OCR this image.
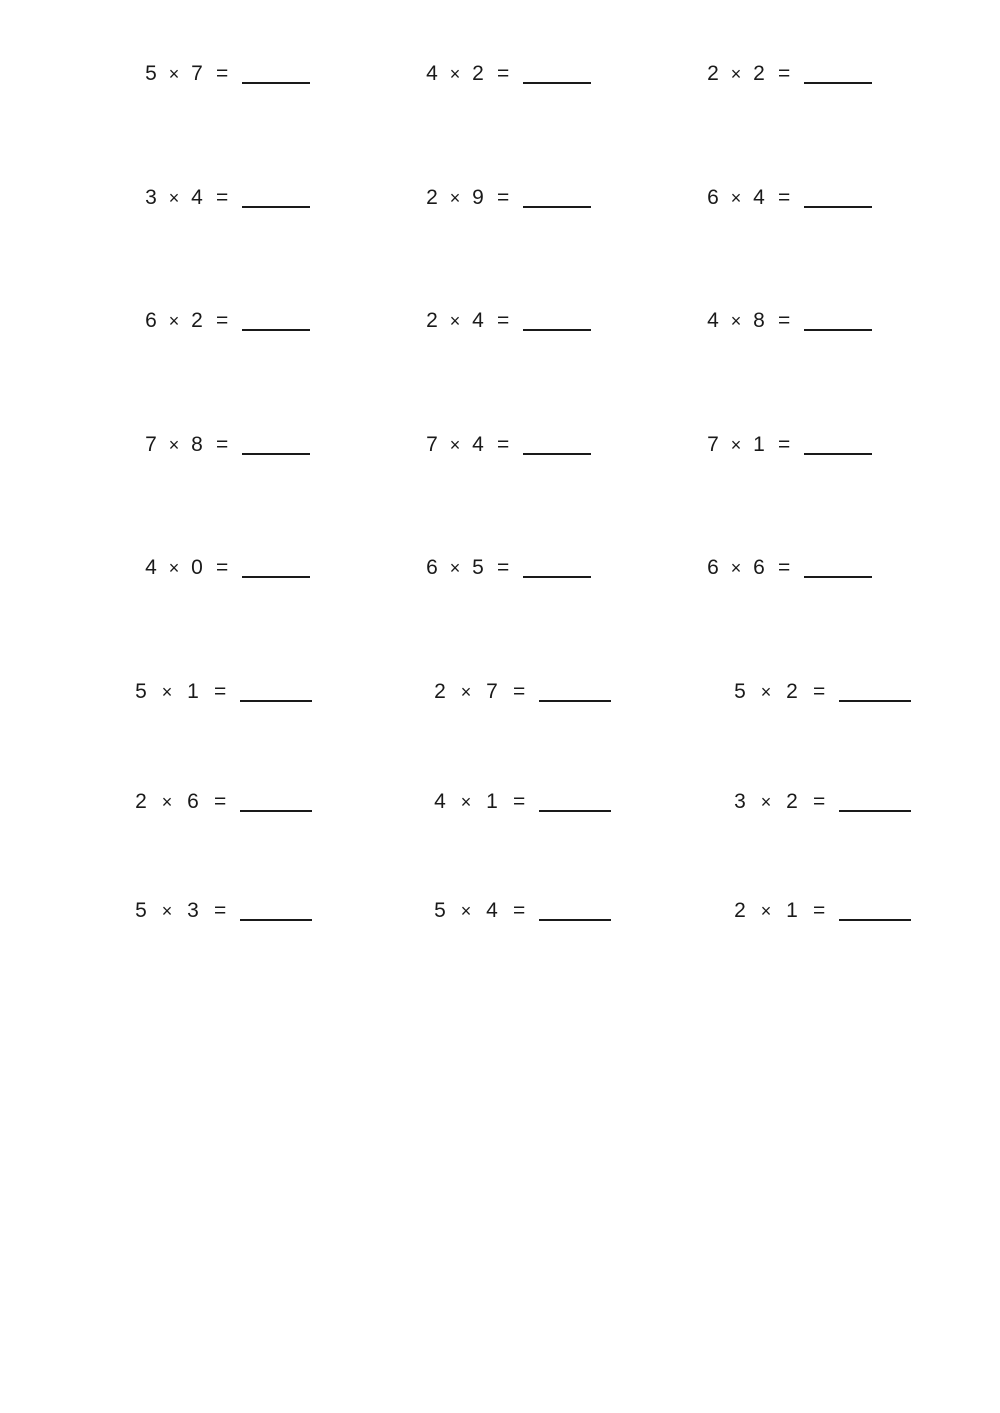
5 × 7 =	4 × 2 =	2 × 2 =
3 × 4 =	2 × 9 =	6 × 4 =
6 × 2 =	2 × 4 =	4 × 8 =
7 × 8 =	7 × 4 =	7 × 1 =
4 × 0 =	6 × 5 =	6 × 6 =
5 × 1 =	2 × 7 =	5 × 2 =
2 × 6 =	4 × 1 =	3 × 2 =
5 × 3 =	5 × 4 =	2 × 1 =
